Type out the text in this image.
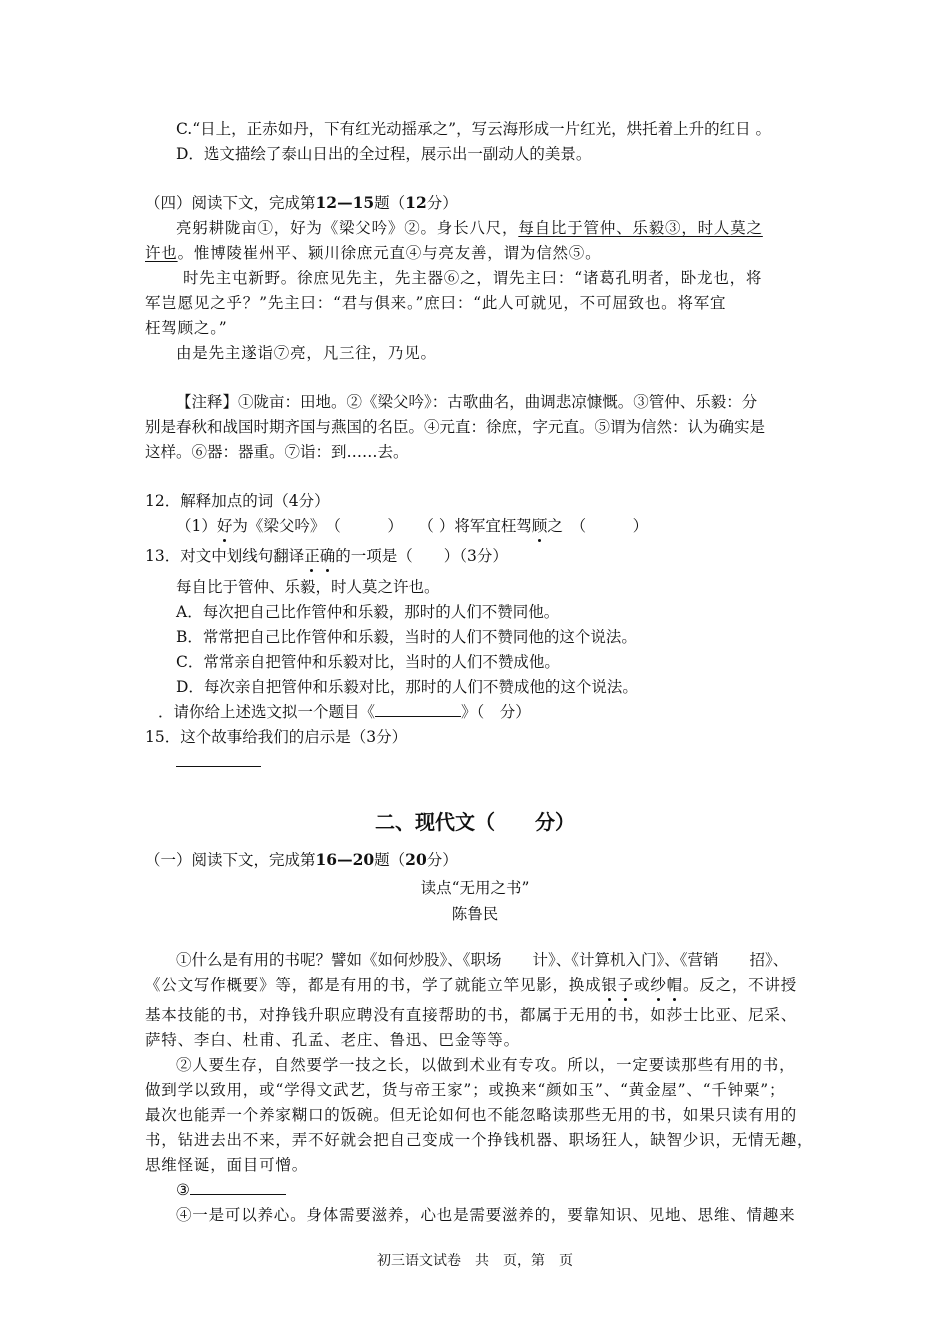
C.“日上，正赤如丹，下有红光动摇承之”，写云海形成一片红光，烘托着上升的红日 。
D．选文描绘了泰山日出的全过程，展示出一副动人的美景。
（四）阅读下文，完成第12—15题（12分）
亮躬耕陇亩①，好为《梁父吟》②。身长八尺，每自比于管仲、乐毅③，时人莫之
许也。惟博陵崔州平、颍川徐庶元直④与亮友善，谓为信然⑤。
时先主屯新野。徐庶见先主，先主器⑥之，谓先主曰：“诸葛孔明者，卧龙也，将
军岂愿见之乎？”先主曰：“君与俱来。”庶曰：“此人可就见，不可屈致也。将军宜
枉驾顾之。”
由是先主遂诣⑦亮，凡三往，乃见。
【注释】①陇亩：田地。②《梁父吟》：古歌曲名，曲调悲凉慷慨。③管仲、乐毅：分
别是春秋和战国时期齐国与燕国的名臣。④元直：徐庶，字元直。⑤谓为信然：认为确实是
这样。⑥器：器重。⑦诣：到……去。
12．解释加点的词（4分）
（1）好为《梁父吟》　（　　　）　　（ ）将军宜枉驾顾之　（　　　）
13．对文中划线句翻译正确的一项是（　　）（3分）
每自比于管仲、乐毅，时人莫之许也。
A．每次把自己比作管仲和乐毅，那时的人们不赞同他。
B．常常把自己比作管仲和乐毅，当时的人们不赞同他的这个说法。
C．常常亲自把管仲和乐毅对比，当时的人们不赞成他。
D．每次亲自把管仲和乐毅对比，那时的人们不赞成他的这个说法。
．请你给上述选文拟一个题目《	》（　分）
15．这个故事给我们的启示是（3分）
二、现代文（　　分）
（一）阅读下文，完成第16—20题（20分）
读点“无用之书”
陈鲁民
①什么是有用的书呢？譬如《如何炒股》、《职场　　计》、《计算机入门》、《营销　　招》、
《公文写作概要》等，都是有用的书，学了就能立竿见影，换成银子或纱帽。反之，不讲授
基本技能的书，对挣钱升职应聘没有直接帮助的书，都属于无用的书，如莎士比亚、尼采、
萨特、李白、杜甫、孔孟、老庄、鲁迅、巴金等等。
②人要生存，自然要学一技之长，以做到术业有专攻。所以，一定要读那些有用的书，
做到学以致用，或“学得文武艺，货与帝王家”；或换来“颜如玉”、“黄金屋”、“千钟粟”；
最次也能弄一个养家糊口的饭碗。但无论如何也不能忽略读那些无用的书，如果只读有用的
书，钻进去出不来，弄不好就会把自己变成一个挣钱机器、职场狂人，缺智少识，无情无趣，
思维怪诞，面目可憎。
③
④一是可以养心。身体需要滋养，心也是需要滋养的，要靠知识、见地、思维、情趣来
初三语文试卷　共　页，第　页
